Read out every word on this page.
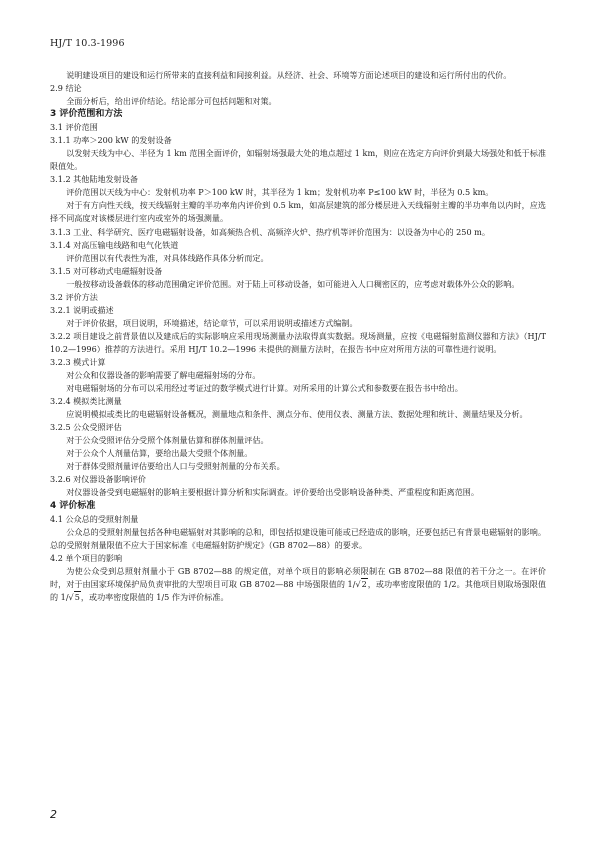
HJ/T 10.3-1996

说明建设项目的建设和运行所带来的直接利益和间接利益。从经济、社会、环境等方面论述项目的建设和运行所付出的代价。

2.9 结论

全面分析后，给出评价结论。结论部分可包括问题和对策。

3 评价范围和方法

3.1 评价范围

3.1.1 功率＞200 kW 的发射设备

以发射天线为中心、半径为 1 km 范围全面评价，如辐射场强最大处的地点超过 1 km，则应在选定方向评价到最大场强处和低于标准限值处。

3.1.2 其他陆地发射设备

评价范围以天线为中心：发射机功率 P＞100 kW 时，其半径为 1 km；发射机功率 P≤100 kW 时，半径为 0.5 km。

对于有方向性天线，按天线辐射主瓣的半功率角内评价到 0.5 km，如高层建筑的部分楼层进入天线辐射主瓣的半功率角以内时，应选择不同高度对该楼层进行室内或室外的场强测量。

3.1.3 工业、科学研究、医疗电磁辐射设备，如高频热合机、高频淬火炉、热疗机等评价范围为：以设备为中心的 250 m。

3.1.4 对高压输电线路和电气化铁道

评价范围以有代表性为准，对具体线路作具体分析而定。

3.1.5 对可移动式电磁辐射设备

一般按移动设备载体的移动范围确定评价范围。对于陆上可移动设备，如可能进入人口稠密区的，应考虑对载体外公众的影响。

3.2 评价方法

3.2.1 说明或描述

对于评价依据，项目说明，环境描述，结论章节，可以采用说明或描述方式编制。

3.2.2 项目建设之前背景值以及建成后的实际影响应采用现场测量办法取得真实数据。现场测量，应按《电磁辐射监测仪器和方法》（HJ/T 10.2—1996）推荐的方法进行。采用 HJ/T 10.2—1996 未提供的测量方法时，在报告书中应对所用方法的可靠性进行说明。

3.2.3 模式计算

对公众和仪器设备的影响需要了解电磁辐射场的分布。

对电磁辐射场的分布可以采用经过考证过的数学模式进行计算。对所采用的计算公式和参数要在报告书中给出。

3.2.4 模拟类比测量

应说明模拟或类比的电磁辐射设备概况，测量地点和条件、测点分布、使用仪表、测量方法、数据处理和统计、测量结果及分析。

3.2.5 公众受照评估

对于公众受照评估分受照个体剂量估算和群体剂量评估。

对于公众个人剂量估算，要给出最大受照个体剂量。

对于群体受照剂量评估要给出人口与受照射剂量的分布关系。

3.2.6 对仪器设备影响评价

对仪器设备受到电磁辐射的影响主要根据计算分析和实际调查。评价要给出受影响设备种类、严重程度和距离范围。

4 评价标准

4.1 公众总的受照射剂量

公众总的受照射剂量包括各种电磁辐射对其影响的总和，即包括拟建设施可能或已经造成的影响，还要包括已有背景电磁辐射的影响。总的受照射剂量限值不应大于国家标准《电磁辐射防护规定》（GB 8702—88）的要求。

4.2 单个项目的影响

为使公众受到总照射剂量小于 GB 8702—88 的规定值，对单个项目的影响必须限制在 GB 8702—88 限值的若干分之一。在评价时，对于由国家环境保护局负责审批的大型项目可取 GB 8702—88 中场强限值的 1/√2，或功率密度限值的 1/2。其他项目则取场强限值的 1/√5，或功率密度限值的 1/5 作为评价标准。

2
